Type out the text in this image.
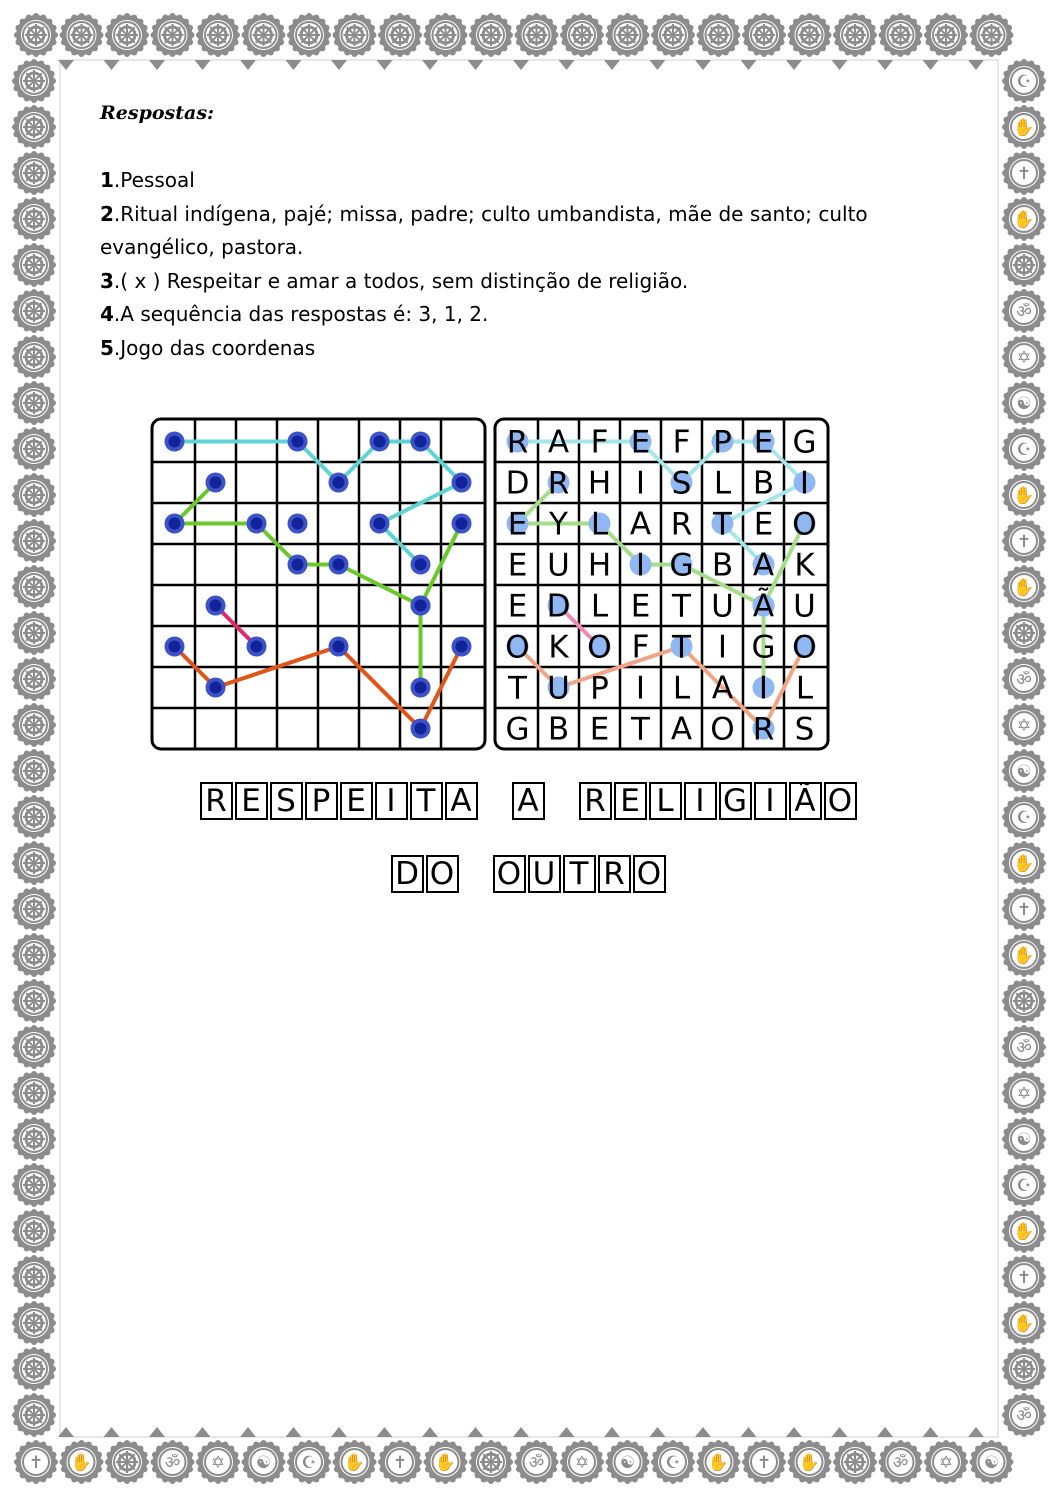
✝ ✋	ॐ ✡ ☯ ☪ ✋ ✝ ✋	ॐ ✡ ☯ ☪ ✋ ✝ ✋	ॐ ✡ ☯
☪
✋
✝
✋
ॐ
✡
☯
☪
✋
✝
✋
ॐ
✡
☯
☪
✋
✝
✋
ॐ
✡
☯
☪
✋
✝
✋
ॐ
Respostas:
1.Pessoal
2.Ritual indígena, pajé; missa, padre; culto umbandista, mãe de santo; culto
evangélico, pastora.
3.( x ) Respeitar e amar a todos, sem distinção de religião.
4.A sequência das respostas é: 3, 1, 2.
5.Jogo das coordenas
R A F E F P E G
D R H I S L B I
E Y L A R T E O
E U H I G B A K
E D L E T U Ã U
O K O F T I G O
T U P I L A I L
G B E T A O R S
R E S P E I T A A R E L I G I Ã O
D O O U T R O
